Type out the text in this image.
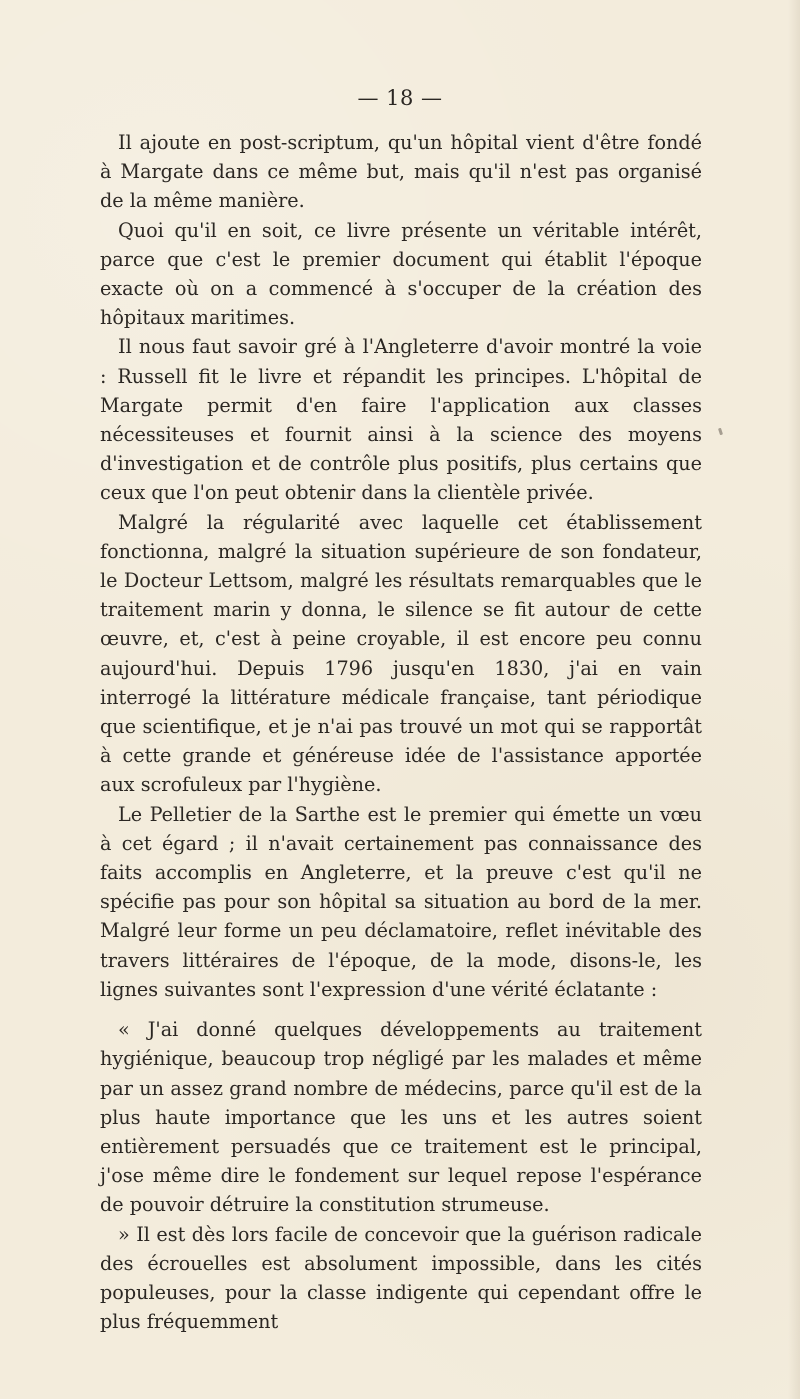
— 18 —

Il ajoute en post-scriptum, qu'un hôpital vient d'être fondé à Margate dans ce même but, mais qu'il n'est pas organisé de la même manière.

Quoi qu'il en soit, ce livre présente un véritable intérêt, parce que c'est le premier document qui établit l'époque exacte où on a commencé à s'occuper de la création des hôpitaux maritimes.

Il nous faut savoir gré à l'Angleterre d'avoir montré la voie : Russell fit le livre et répandit les principes. L'hôpital de Margate permit d'en faire l'application aux classes nécessiteuses et fournit ainsi à la science des moyens d'investigation et de contrôle plus positifs, plus certains que ceux que l'on peut obtenir dans la clientèle privée.

Malgré la régularité avec laquelle cet établissement fonctionna, malgré la situation supérieure de son fondateur, le Docteur Lettsom, malgré les résultats remarquables que le traitement marin y donna, le silence se fit autour de cette œuvre, et, c'est à peine croyable, il est encore peu connu aujourd'hui. Depuis 1796 jusqu'en 1830, j'ai en vain interrogé la littérature médicale française, tant périodique que scientifique, et je n'ai pas trouvé un mot qui se rapportât à cette grande et généreuse idée de l'assistance apportée aux scrofuleux par l'hygiène.

Le Pelletier de la Sarthe est le premier qui émette un vœu à cet égard ; il n'avait certainement pas connaissance des faits accomplis en Angleterre, et la preuve c'est qu'il ne spécifie pas pour son hôpital sa situation au bord de la mer. Malgré leur forme un peu déclamatoire, reflet inévitable des travers littéraires de l'époque, de la mode, disons-le, les lignes suivantes sont l'expression d'une vérité éclatante :

« J'ai donné quelques développements au traitement hygiénique, beaucoup trop négligé par les malades et même par un assez grand nombre de médecins, parce qu'il est de la plus haute importance que les uns et les autres soient entièrement persuadés que ce traitement est le principal, j'ose même dire le fondement sur lequel repose l'espérance de pouvoir détruire la constitution strumeuse.

» Il est dès lors facile de concevoir que la guérison radicale des écrouelles est absolument impossible, dans les cités populeuses, pour la classe indigente qui cependant offre le plus fréquemment
